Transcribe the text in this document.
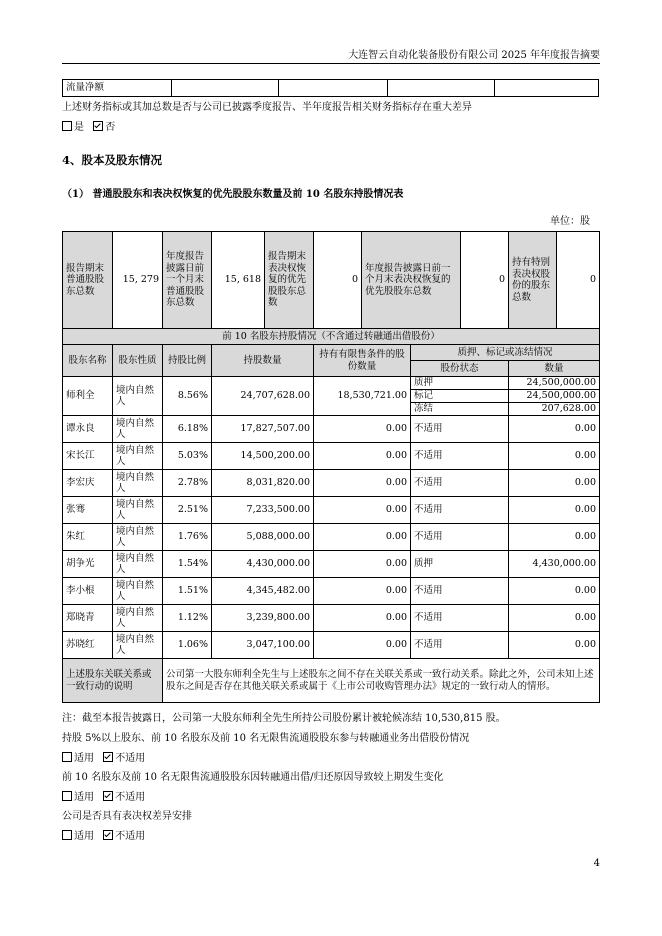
大连智云自动化装备股份有限公司 2025 年年度报告摘要
流量净额				
上述财务指标或其加总数是否与公司已披露季度报告、半年度报告相关财务指标存在重大差异
是 否
4、股本及股东情况
（1） 普通股股东和表决权恢复的优先股股东数量及前 10 名股东持股情况表
单位：股
报告期末普通股股东总数	15, 279	年度报告披露日前一个月末普通股股东总数	15, 618	报告期末表决权恢复的优先股股东总数	0	年度报告披露日前一个月末表决权恢复的优先股股东总数		0	持有特别表决权股份的股东总数	0
前 10 名股东持股情况（不含通过转融通出借股份）										
股东名称	股东性质	持股比例	持股数量		持有有限售条件的股份数量		质押、标记或冻结情况			
							股份状态		数量	
师利全	境内自然人	8.56%	24,707,628.00		18,530,721.00		质押		24,500,000.00	
							标记		24,500,000.00	
							冻结		207,628.00	
谭永良	境内自然人	6.18%	17,827,507.00		0.00		不适用		0.00	
宋长江	境内自然人	5.03%	14,500,200.00		0.00		不适用		0.00	
李宏庆	境内自然人	2.78%	8,031,820.00		0.00		不适用		0.00	
张骞	境内自然人	2.51%	7,233,500.00		0.00		不适用		0.00	
朱红	境内自然人	1.76%	5,088,000.00		0.00		不适用		0.00	
胡争光	境内自然人	1.54%	4,430,000.00		0.00		质押		4,430,000.00	
李小根	境内自然人	1.51%	4,345,482.00		0.00		不适用		0.00	
郑晓青	境内自然人	1.12%	3,239,800.00		0.00		不适用		0.00	
苏晓红	境内自然人	1.06%	3,047,100.00		0.00		不适用		0.00	
上述股东关联关系或一致行动的说明		公司第一大股东师利全先生与上述股东之间不存在关联关系或一致行动关系。除此之外，公司未知上述股东之间是否存在其他关联关系或属于《上市公司收购管理办法》规定的一致行动人的情形。								
注：截至本报告披露日，公司第一大股东师利全先生所持公司股份累计被轮候冻结 10,530,815 股。
持股 5%以上股东、前 10 名股东及前 10 名无限售流通股股东参与转融通业务出借股份情况
适用 不适用
前 10 名股东及前 10 名无限售流通股股东因转融通出借/归还原因导致较上期发生变化
适用 不适用
公司是否具有表决权差异安排
适用 不适用
4
